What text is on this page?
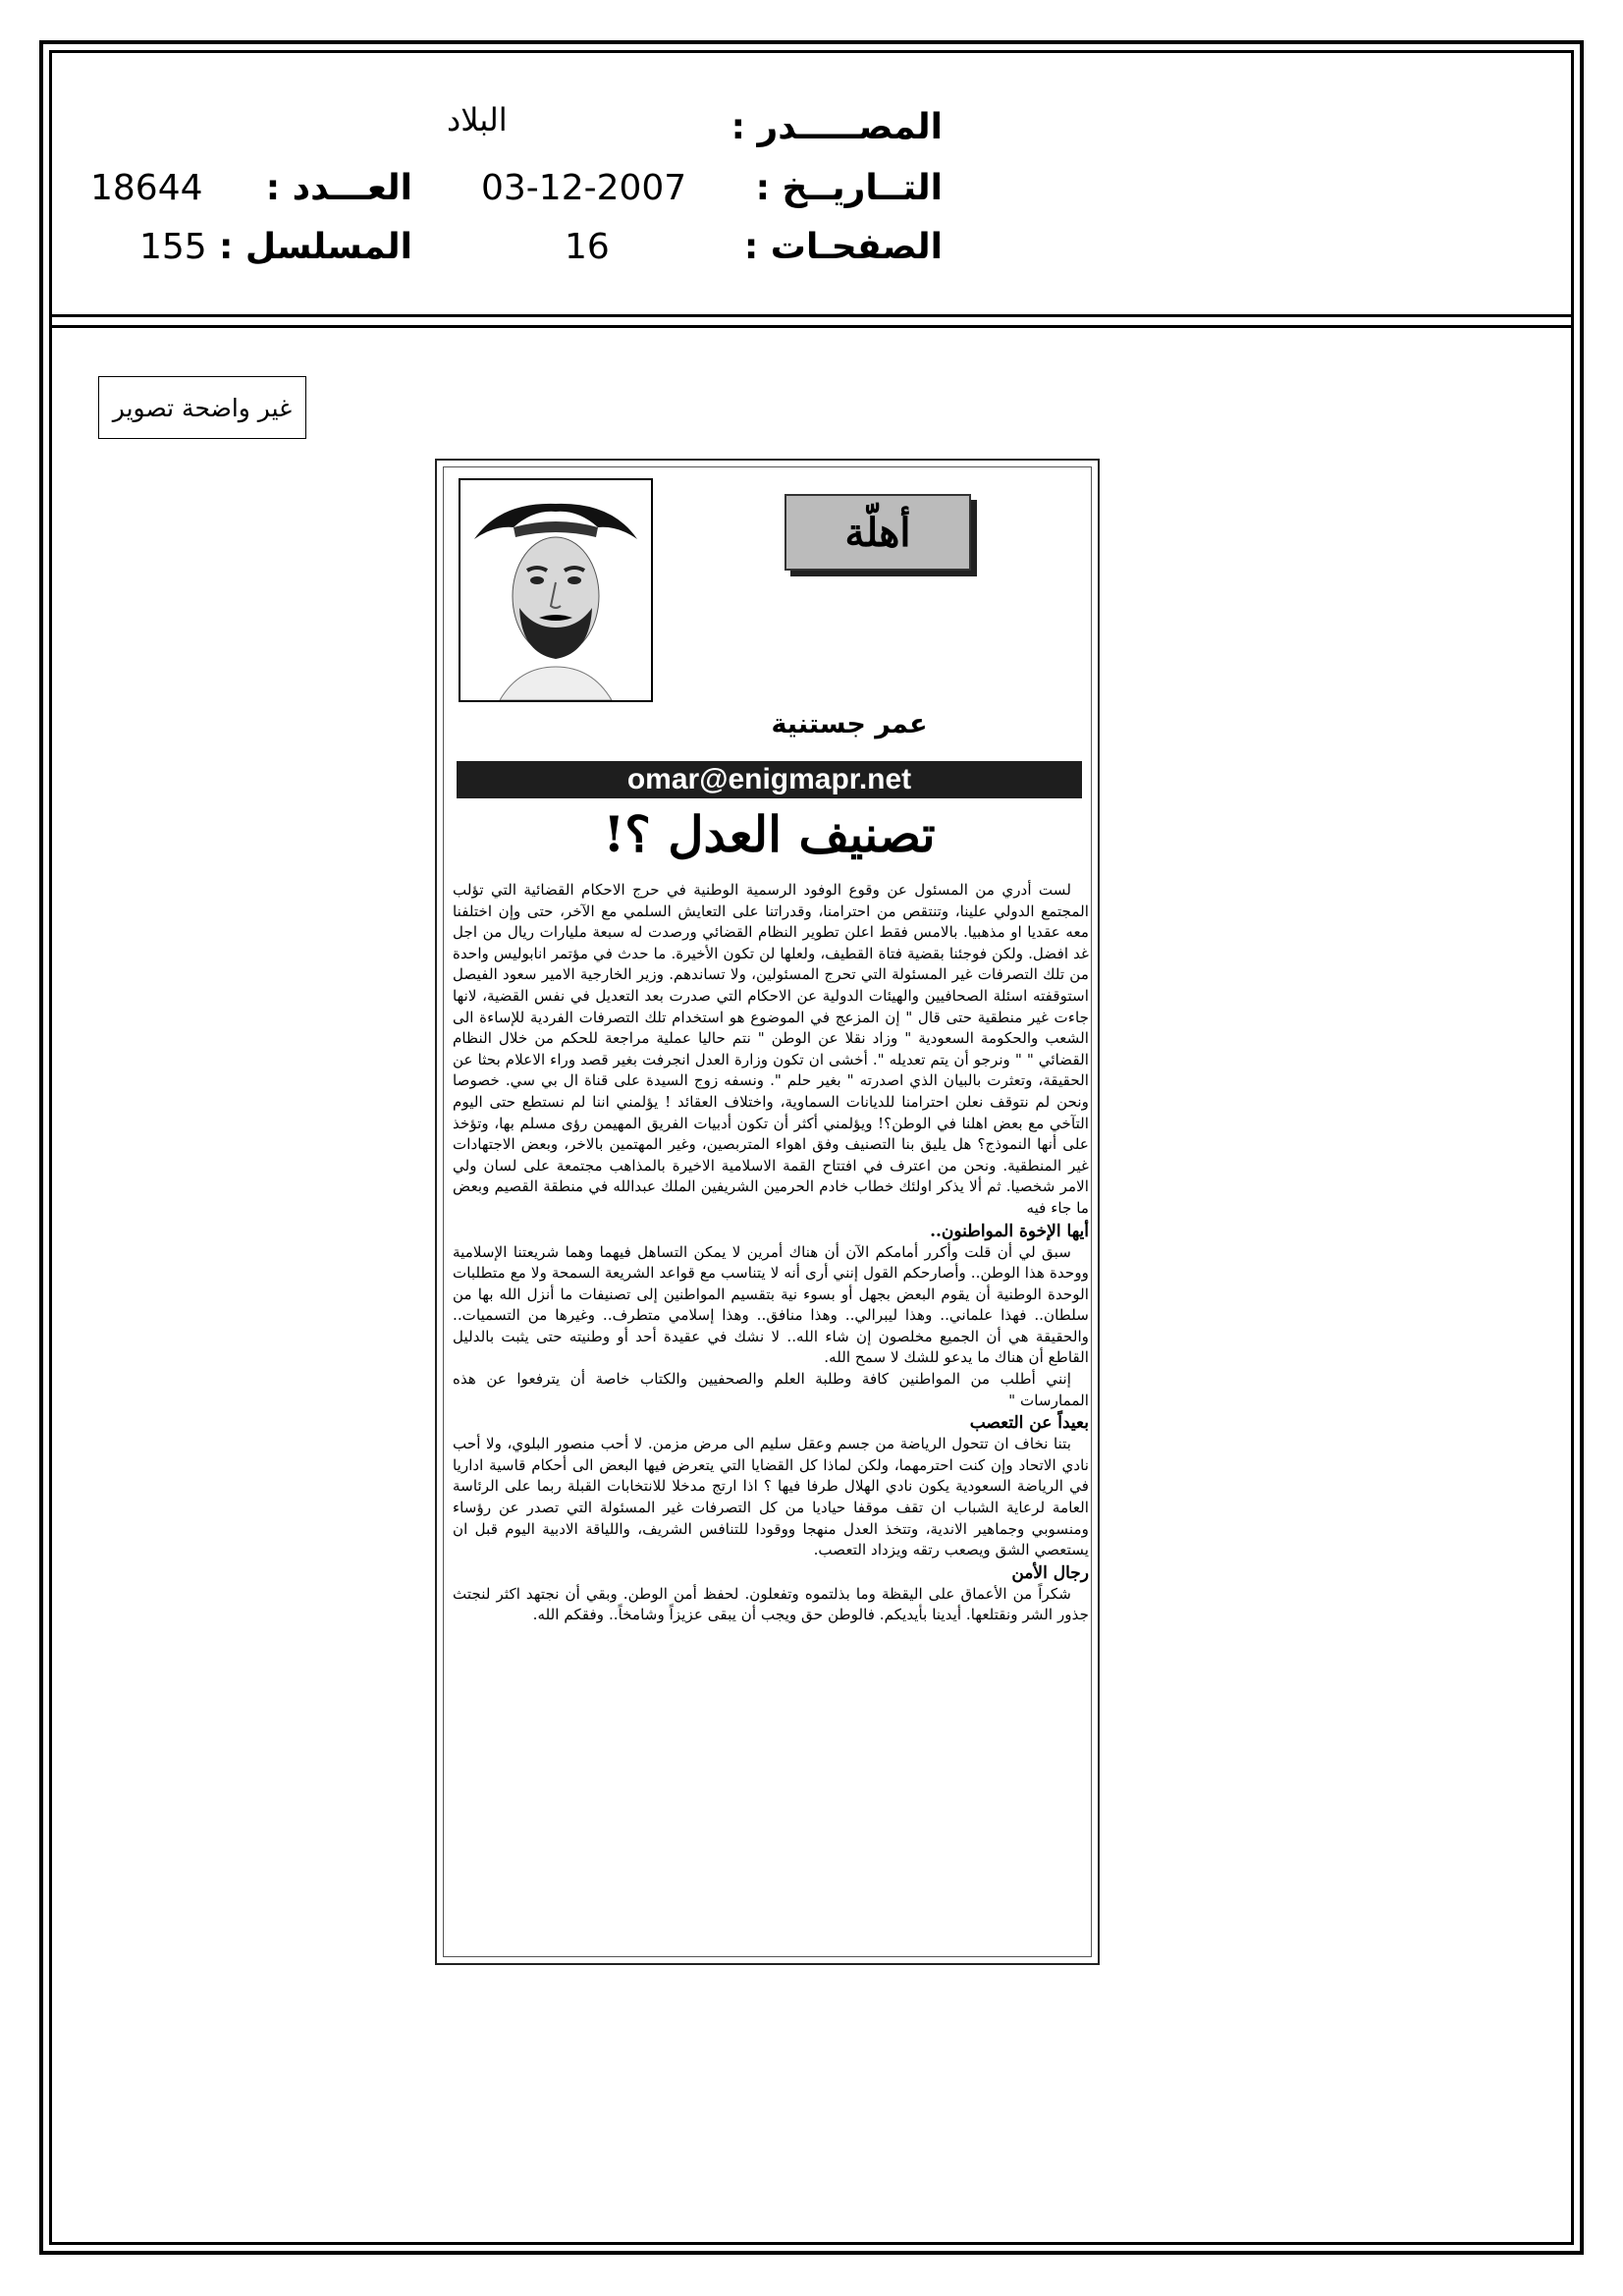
المصـــــدر :
البلاد
التــاريــخ :
03-12-2007
العـــدد :
18644
الصفحـات :
16
المسلسل :
155
غير واضحة تصوير
أهلّة
عمر جستنية
omar@enigmapr.net
تصنيف العدل ؟!

لست أدري من المسئول عن وقوع الوفود الرسمية الوطنية في حرج الاحكام القضائية التي تؤلب المجتمع الدولي علينا، وتنتقص من احترامنا، وقدراتنا على التعايش السلمي مع الآخر، حتى وإن اختلفنا معه عقديا او مذهبيا. بالامس فقط اعلن تطوير النظام القضائي ورصدت له سبعة مليارات ريال من اجل غد افضل. ولكن فوجئنا بقضية فتاة القطيف، ولعلها لن تكون الأخيرة. ما حدث في مؤتمر انابوليس واحدة من تلك التصرفات غير المسئولة التي تحرج المسئولين، ولا تساندهم. وزير الخارجية الامير سعود الفيصل استوقفته اسئلة الصحافيين والهيئات الدولية عن الاحكام التي صدرت بعد التعديل في نفس القضية، لانها جاءت غير منطقية حتى قال " إن المزعج في الموضوع هو استخدام تلك التصرفات الفردية للإساءة الى الشعب والحكومة السعودية " وزاد نقلا عن الوطن " نتم حاليا عملية مراجعة للحكم من خلال النظام القضائي " " ونرجو أن يتم تعديله ". أخشى ان تكون وزارة العدل انجرفت بغير قصد وراء الاعلام بحثا عن الحقيقة، وتعثرت بالبيان الذي اصدرته " بغير حلم ". ونسفه زوج السيدة على قناة ال بي سي. خصوصا ونحن لم نتوقف نعلن احترامنا للديانات السماوية، واختلاف العقائد ! يؤلمني اننا لم نستطع حتى اليوم التآخي مع بعض اهلنا في الوطن؟! ويؤلمني أكثر أن تكون أدبيات الفريق المهيمن رؤى مسلم بها، وتؤخذ على أنها النموذج؟ هل يليق بنا التصنيف وفق اهواء المتربصين، وغير المهتمين بالاخر، وبعض الاجتهادات غير المنطقية. ونحن من اعترف في افتتاح القمة الاسلامية الاخيرة بالمذاهب مجتمعة على لسان ولي الامر شخصيا. ثم ألا يذكر اولئك خطاب خادم الحرمين الشريفين الملك عبدالله في منطقة القصيم وبعض ما جاء فيه

أيها الإخوة المواطنون..

سبق لي أن قلت وأكرر أمامكم الآن أن هناك أمرين لا يمكن التساهل فيهما وهما شريعتنا الإسلامية ووحدة هذا الوطن.. وأصارحكم القول إنني أرى أنه لا يتناسب مع قواعد الشريعة السمحة ولا مع متطلبات الوحدة الوطنية أن يقوم البعض بجهل أو بسوء نية بتقسيم المواطنين إلى تصنيفات ما أنزل الله بها من سلطان.. فهذا علماني.. وهذا ليبرالي.. وهذا منافق.. وهذا إسلامي متطرف.. وغيرها من التسميات.. والحقيقة هي أن الجميع مخلصون إن شاء الله.. لا نشك في عقيدة أحد أو وطنيته حتى يثبت بالدليل القاطع أن هناك ما يدعو للشك لا سمح الله.

إنني أطلب من المواطنين كافة وطلبة العلم والصحفيين والكتاب خاصة أن يترفعوا عن هذه الممارسات "

بعيداً عن التعصب

بتنا نخاف ان تتحول الرياضة من جسم وعقل سليم الى مرض مزمن. لا أحب منصور البلوي، ولا أحب نادي الاتحاد وإن كنت احترمهما، ولكن لماذا كل القضايا التي يتعرض فيها البعض الى أحكام قاسية اداريا في الرياضة السعودية يكون نادي الهلال طرفا فيها ؟ اذا ارتج مدخلا للانتخابات القبلة ربما على الرئاسة العامة لرعاية الشباب ان تقف موقفا حياديا من كل التصرفات غير المسئولة التي تصدر عن رؤساء ومنسوبي وجماهير الاندية، وتتخذ العدل منهجا ووقودا للتنافس الشريف، واللياقة الادبية اليوم قبل ان يستعصي الشق ويصعب رتقه ويزداد التعصب.

رجال الأمن

شكراً من الأعماق على اليقظة وما بذلتموه وتفعلون. لحفظ أمن الوطن. وبقي أن نجتهد اكثر لنجتث جذور الشر ونقتلعها. أيدينا بأيديكم. فالوطن حق ويجب أن يبقى عزيزاً وشامخاً.. وفقكم الله.
